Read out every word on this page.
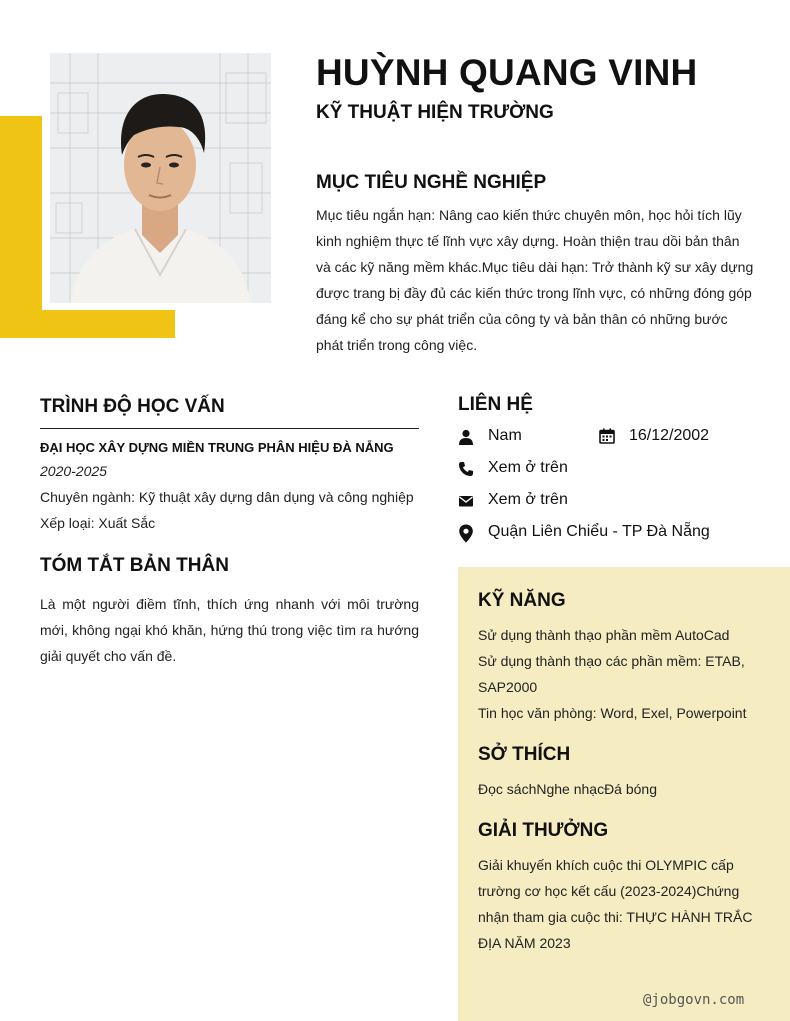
HUỲNH QUANG VINH
KỸ THUẬT HIỆN TRƯỜNG
MỤC TIÊU NGHỀ NGHIỆP
Mục tiêu ngắn hạn: Nâng cao kiến thức chuyên môn, học hỏi tích lũy kinh nghiệm thực tế lĩnh vực xây dựng. Hoàn thiện trau dồi bản thân và các kỹ năng mềm khác.Mục tiêu dài hạn: Trở thành kỹ sư xây dựng được trang bị đầy đủ các kiến thức trong lĩnh vực, có những đóng góp đáng kể cho sự phát triển của công ty và bản thân có những bước phát triển trong công việc.
TRÌNH ĐỘ HỌC VẤN
ĐẠI HỌC XÂY DỰNG MIỀN TRUNG PHÂN HIỆU ĐÀ NẴNG
2020-2025
Chuyên ngành: Kỹ thuật xây dựng dân dụng và công nghiệp
Xếp loại: Xuất Sắc
TÓM TẮT BẢN THÂN
Là một người điềm tĩnh, thích ứng nhanh với môi trường mới, không ngại khó khăn, hứng thú trong việc tìm ra hướng giải quyết cho vấn đề.
LIÊN HỆ
Nam	16/12/2002
Xem ở trên
Xem ở trên
Quận Liên Chiểu - TP Đà Nẵng
KỸ NĂNG
Sử dụng thành thạo phần mềm AutoCad
Sử dụng thành thạo các phần mềm: ETAB, SAP2000
Tin học văn phòng: Word, Exel, Powerpoint
SỞ THÍCH
Đọc sáchNghe nhạcĐá bóng
GIẢI THƯỞNG
Giải khuyến khích cuộc thi OLYMPIC cấp trường cơ học kết cấu (2023-2024)Chứng nhận tham gia cuộc thi: THỰC HÀNH TRẮC ĐỊA NĂM 2023
@jobgovn.com
